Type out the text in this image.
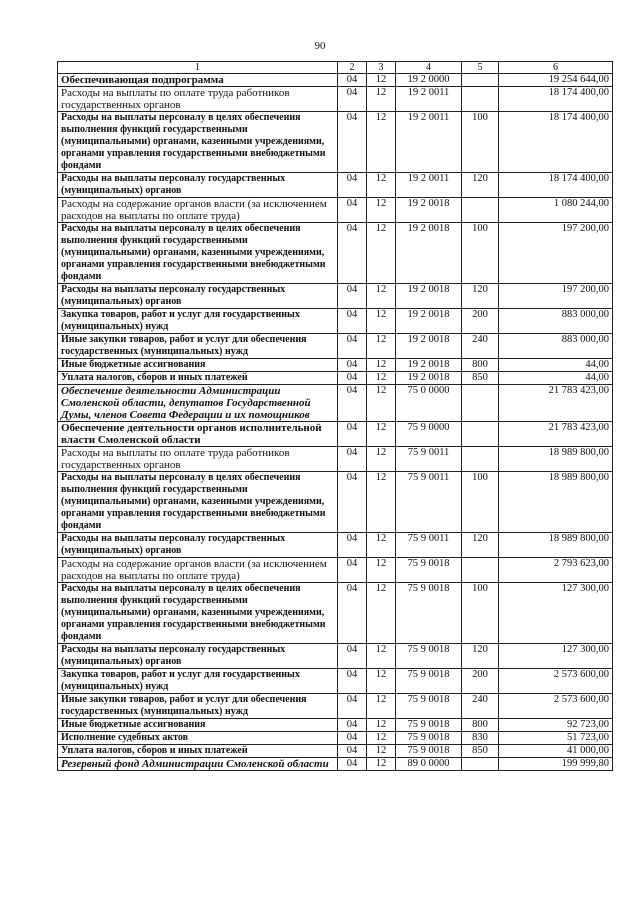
90
1	2	3	4	5	6
Обеспечивающая подпрограмма	04	12	19 2 0000		19 254 644,00
Расходы на выплаты по оплате труда работников государственных органов	04	12	19 2 0011		18 174 400,00
Расходы на выплаты персоналу в целях обеспечения выполнения функций государственными (муниципальными) органами, казенными учреждениями, органами управления государственными внебюджетными фондами	04	12	19 2 0011	100	18 174 400,00
Расходы на выплаты персоналу государственных (муниципальных) органов	04	12	19 2 0011	120	18 174 400,00
Расходы на содержание органов власти (за исключением расходов на выплаты по оплате труда)	04	12	19 2 0018		1 080 244,00
Расходы на выплаты персоналу в целях обеспечения выполнения функций государственными (муниципальными) органами, казенными учреждениями, органами управления государственными внебюджетными фондами	04	12	19 2 0018	100	197 200,00
Расходы на выплаты персоналу государственных (муниципальных) органов	04	12	19 2 0018	120	197 200,00
Закупка товаров, работ и услуг для государственных (муниципальных) нужд	04	12	19 2 0018	200	883 000,00
Иные закупки товаров, работ и услуг для обеспечения государственных (муниципальных) нужд	04	12	19 2 0018	240	883 000,00
Иные бюджетные ассигнования	04	12	19 2 0018	800	44,00
Уплата налогов, сборов и иных платежей	04	12	19 2 0018	850	44,00
Обеспечение деятельности Администрации Смоленской области, депутатов Государственной Думы, членов Совета Федерации и их помощников	04	12	75 0 0000		21 783 423,00
Обеспечение деятельности органов исполнительной власти Смоленской области	04	12	75 9 0000		21 783 423,00
Расходы на выплаты по оплате труда работников государственных органов	04	12	75 9 0011		18 989 800,00
Расходы на выплаты персоналу в целях обеспечения выполнения функций государственными (муниципальными) органами, казенными учреждениями, органами управления государственными внебюджетными фондами	04	12	75 9 0011	100	18 989 800,00
Расходы на выплаты персоналу государственных (муниципальных) органов	04	12	75 9 0011	120	18 989 800,00
Расходы на содержание органов власти (за исключением расходов на выплаты по оплате труда)	04	12	75 9 0018		2 793 623,00
Расходы на выплаты персоналу в целях обеспечения выполнения функций государственными (муниципальными) органами, казенными учреждениями, органами управления государственными внебюджетными фондами	04	12	75 9 0018	100	127 300,00
Расходы на выплаты персоналу государственных (муниципальных) органов	04	12	75 9 0018	120	127 300,00
Закупка товаров, работ и услуг для государственных (муниципальных) нужд	04	12	75 9 0018	200	2 573 600,00
Иные закупки товаров, работ и услуг для обеспечения государственных (муниципальных) нужд	04	12	75 9 0018	240	2 573 600,00
Иные бюджетные ассигнования	04	12	75 9 0018	800	92 723,00
Исполнение судебных актов	04	12	75 9 0018	830	51 723,00
Уплата налогов, сборов и иных платежей	04	12	75 9 0018	850	41 000,00
Резервный фонд Администрации Смоленской области	04	12	89 0 0000		199 999,80
